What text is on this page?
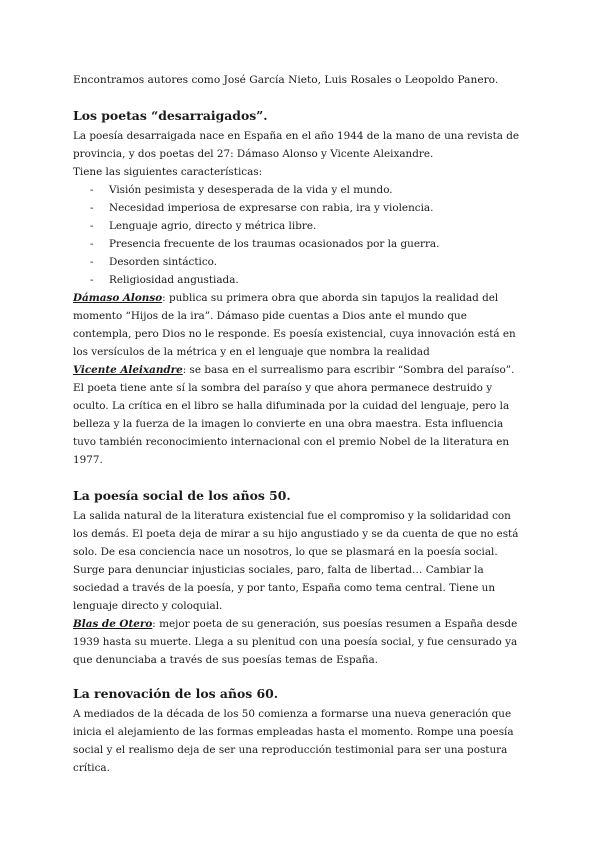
Encontramos autores como José García Nieto, Luis Rosales o Leopoldo Panero.

Los poetas “desarraigados”.

La poesía desarraigada nace en España en el año 1944 de la mano de una revista de provincia, y dos poetas del 27: Dámaso Alonso y Vicente Aleixandre.

Tiene las siguientes características:

- Visión pesimista y desesperada de la vida y el mundo.
- Necesidad imperiosa de expresarse con rabia, ira y violencia.
- Lenguaje agrio, directo y métrica libre.
- Presencia frecuente de los traumas ocasionados por la guerra.
- Desorden sintáctico.
- Religiosidad angustiada.

Dámaso Alonso: publica su primera obra que aborda sin tapujos la realidad del momento “Hijos de la ira”. Dámaso pide cuentas a Dios ante el mundo que contempla, pero Dios no le responde. Es poesía existencial, cuya innovación está en los versículos de la métrica y en el lenguaje que nombra la realidad

Vicente Aleixandre: se basa en el surrealismo para escribir “Sombra del paraíso”. El poeta tiene ante sí la sombra del paraíso y que ahora permanece destruido y oculto. La crítica en el libro se halla difuminada por la cuidad del lenguaje, pero la belleza y la fuerza de la imagen lo convierte en una obra maestra. Esta influencia tuvo también reconocimiento internacional con el premio Nobel de la literatura en 1977.

La poesía social de los años 50.

La salida natural de la literatura existencial fue el compromiso y la solidaridad con los demás. El poeta deja de mirar a su hijo angustiado y se da cuenta de que no está solo. De esa conciencia nace un nosotros, lo que se plasmará en la poesía social. Surge para denunciar injusticias sociales, paro, falta de libertad… Cambiar la sociedad a través de la poesía, y por tanto, España como tema central. Tiene un lenguaje directo y coloquial.

Blas de Otero: mejor poeta de su generación, sus poesías resumen a España desde 1939 hasta su muerte. Llega a su plenitud con una poesía social, y fue censurado ya que denunciaba a través de sus poesías temas de España.

La renovación de los años 60.

A mediados de la década de los 50 comienza a formarse una nueva generación que inicia el alejamiento de las formas empleadas hasta el momento. Rompe una poesía social y el realismo deja de ser una reproducción testimonial para ser una postura crítica.
